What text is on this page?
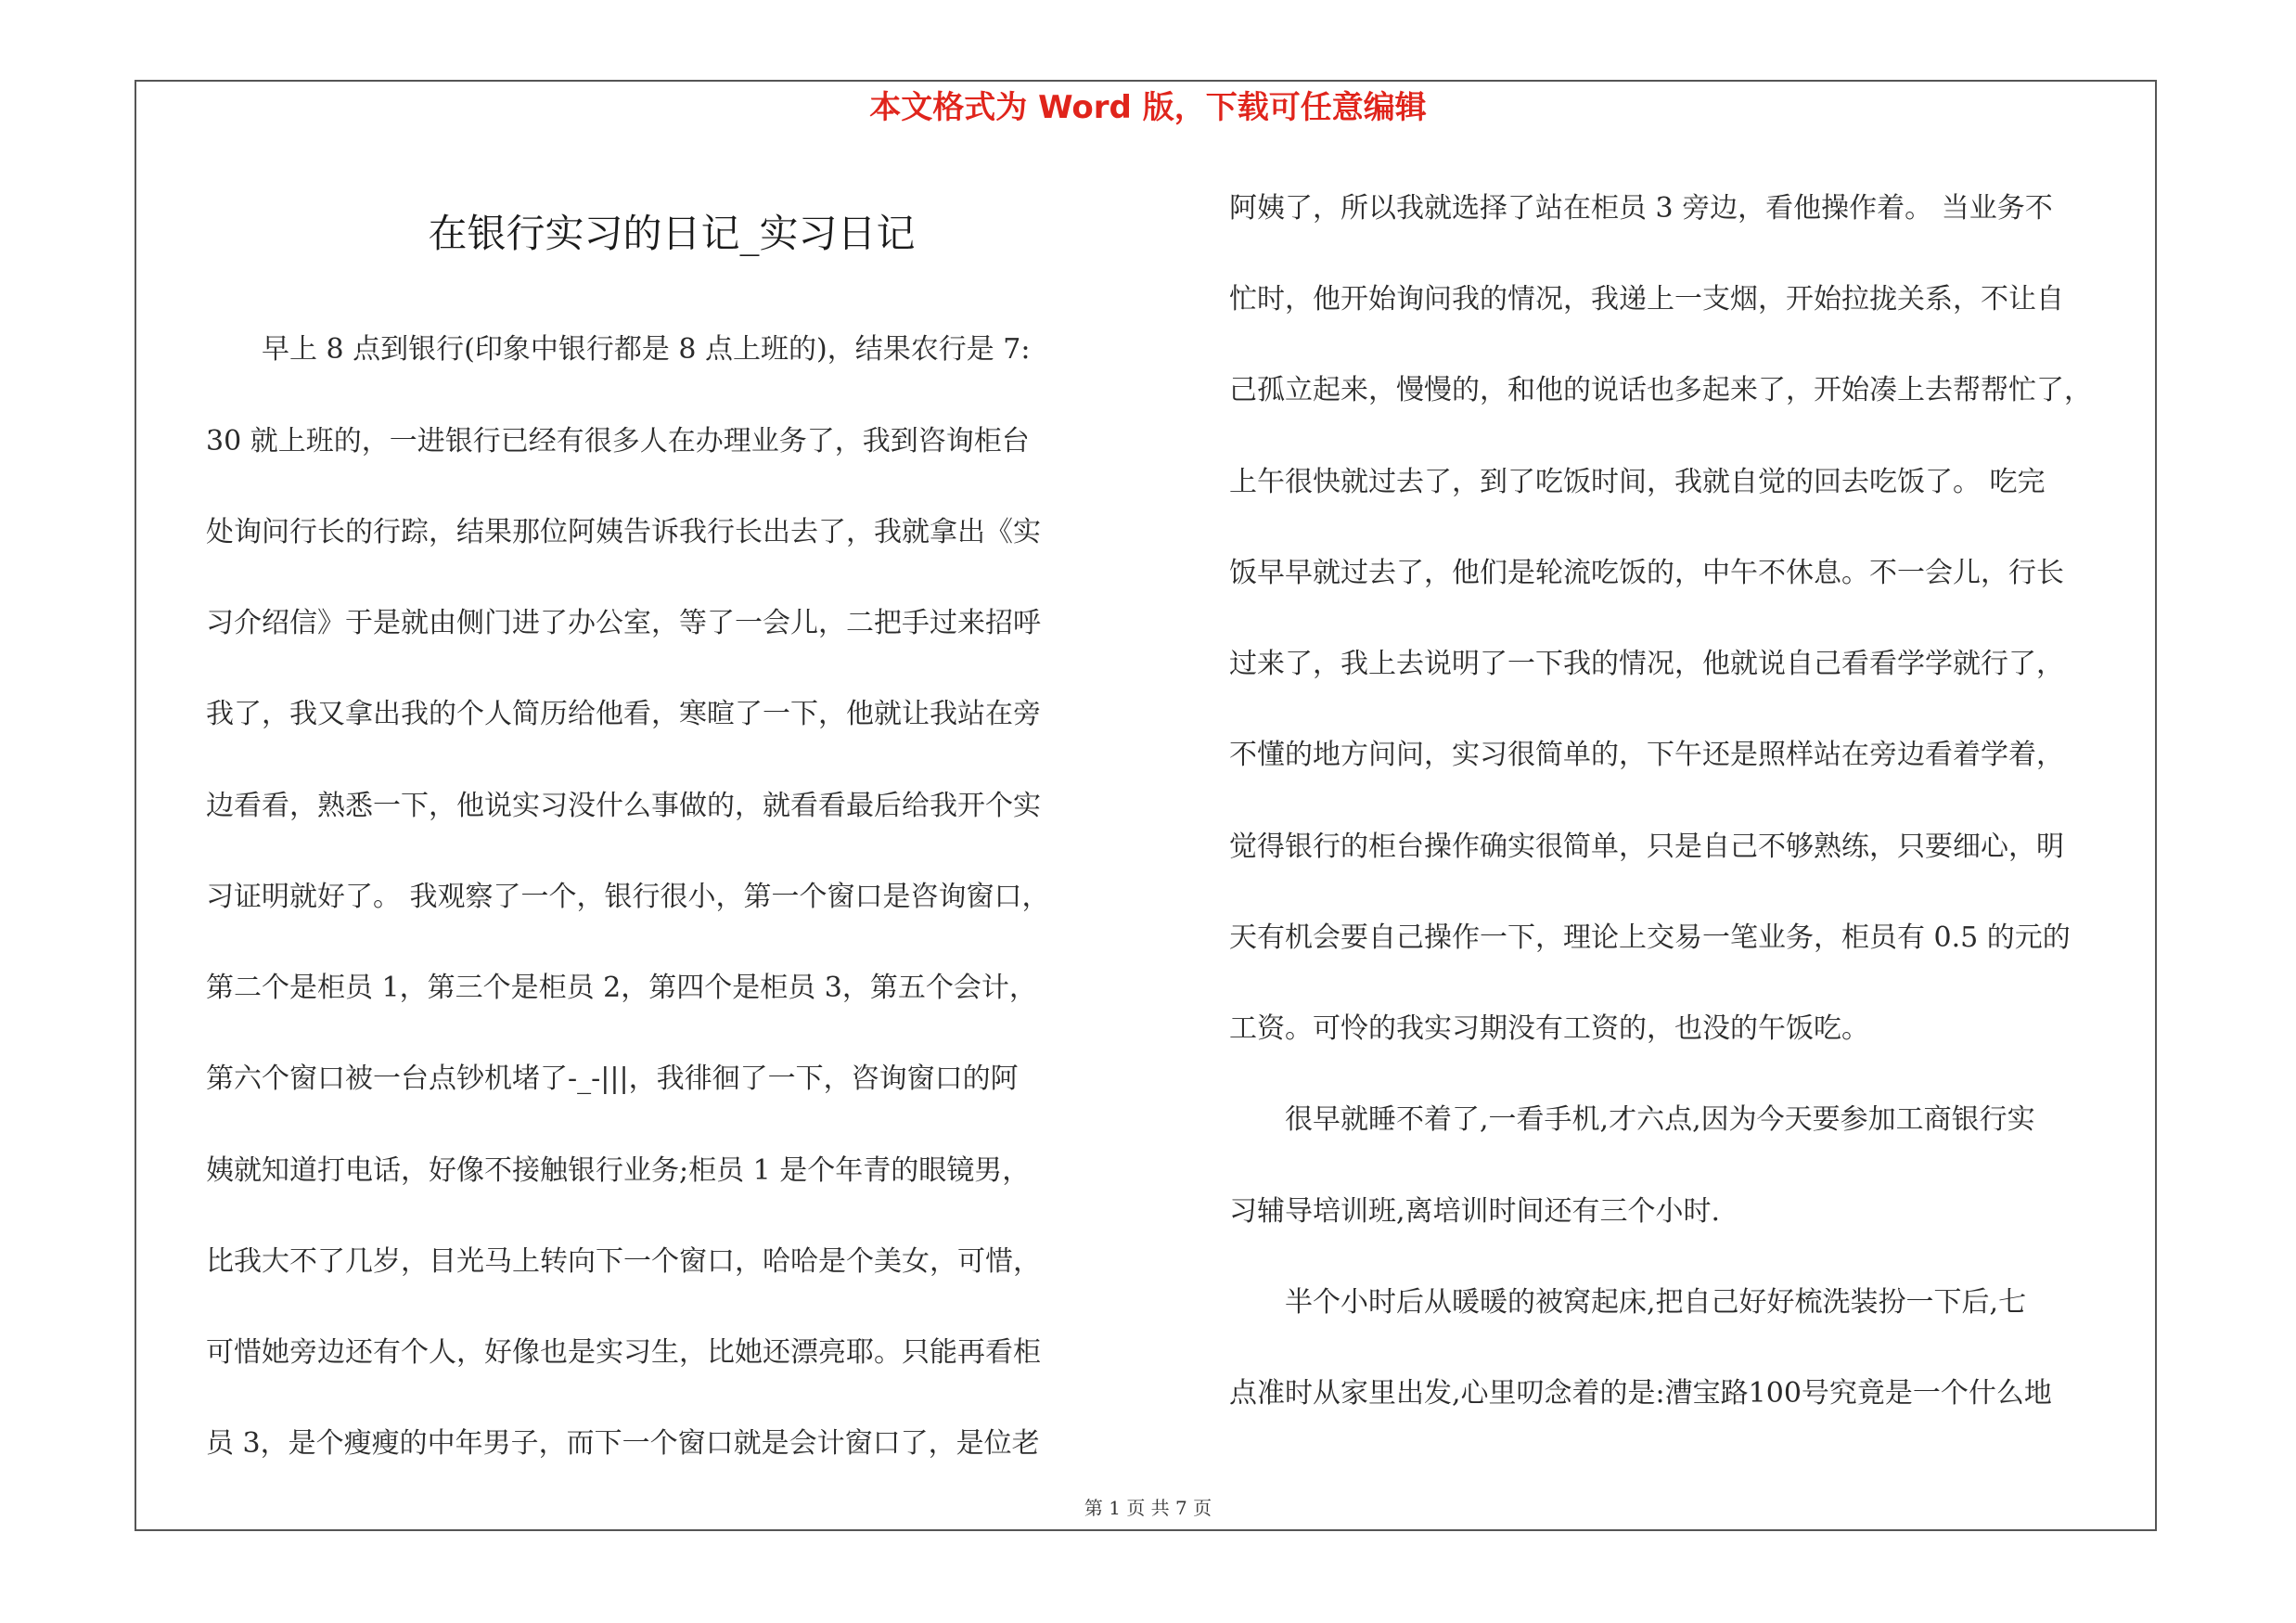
本文格式为 Word 版，下载可任意编辑
在银行实习的日记_实习日记
　　早上 8 点到银行(印象中银行都是 8 点上班的)，结果农行是 7:
30 就上班的，一进银行已经有很多人在办理业务了，我到咨询柜台
处询问行长的行踪，结果那位阿姨告诉我行长出去了，我就拿出《实
习介绍信》于是就由侧门进了办公室，等了一会儿，二把手过来招呼
我了，我又拿出我的个人简历给他看，寒暄了一下，他就让我站在旁
边看看，熟悉一下，他说实习没什么事做的，就看看最后给我开个实
习证明就好了。 我观察了一个，银行很小，第一个窗口是咨询窗口，
第二个是柜员 1，第三个是柜员 2，第四个是柜员 3，第五个会计，
第六个窗口被一台点钞机堵了-_-|||，我徘徊了一下，咨询窗口的阿
姨就知道打电话，好像不接触银行业务;柜员 1 是个年青的眼镜男，
比我大不了几岁，目光马上转向下一个窗口，哈哈是个美女，可惜，
可惜她旁边还有个人，好像也是实习生，比她还漂亮耶。只能再看柜
员 3，是个瘦瘦的中年男子，而下一个窗口就是会计窗口了，是位老
阿姨了，所以我就选择了站在柜员 3 旁边，看他操作着。 当业务不
忙时，他开始询问我的情况，我递上一支烟，开始拉拢关系，不让自
己孤立起来，慢慢的，和他的说话也多起来了，开始凑上去帮帮忙了，
上午很快就过去了，到了吃饭时间，我就自觉的回去吃饭了。 吃完
饭早早就过去了，他们是轮流吃饭的，中午不休息。不一会儿，行长
过来了，我上去说明了一下我的情况，他就说自己看看学学就行了，
不懂的地方问问，实习很简单的，下午还是照样站在旁边看着学着，
觉得银行的柜台操作确实很简单，只是自己不够熟练，只要细心，明
天有机会要自己操作一下，理论上交易一笔业务，柜员有 0.5 的元的
工资。可怜的我实习期没有工资的，也没的午饭吃。
　　很早就睡不着了,一看手机,才六点,因为今天要参加工商银行实
习辅导培训班,离培训时间还有三个小时.
　　半个小时后从暖暖的被窝起床,把自己好好梳洗装扮一下后,七
点准时从家里出发,心里叨念着的是:漕宝路100号究竟是一个什么地
第 1 页 共 7 页
